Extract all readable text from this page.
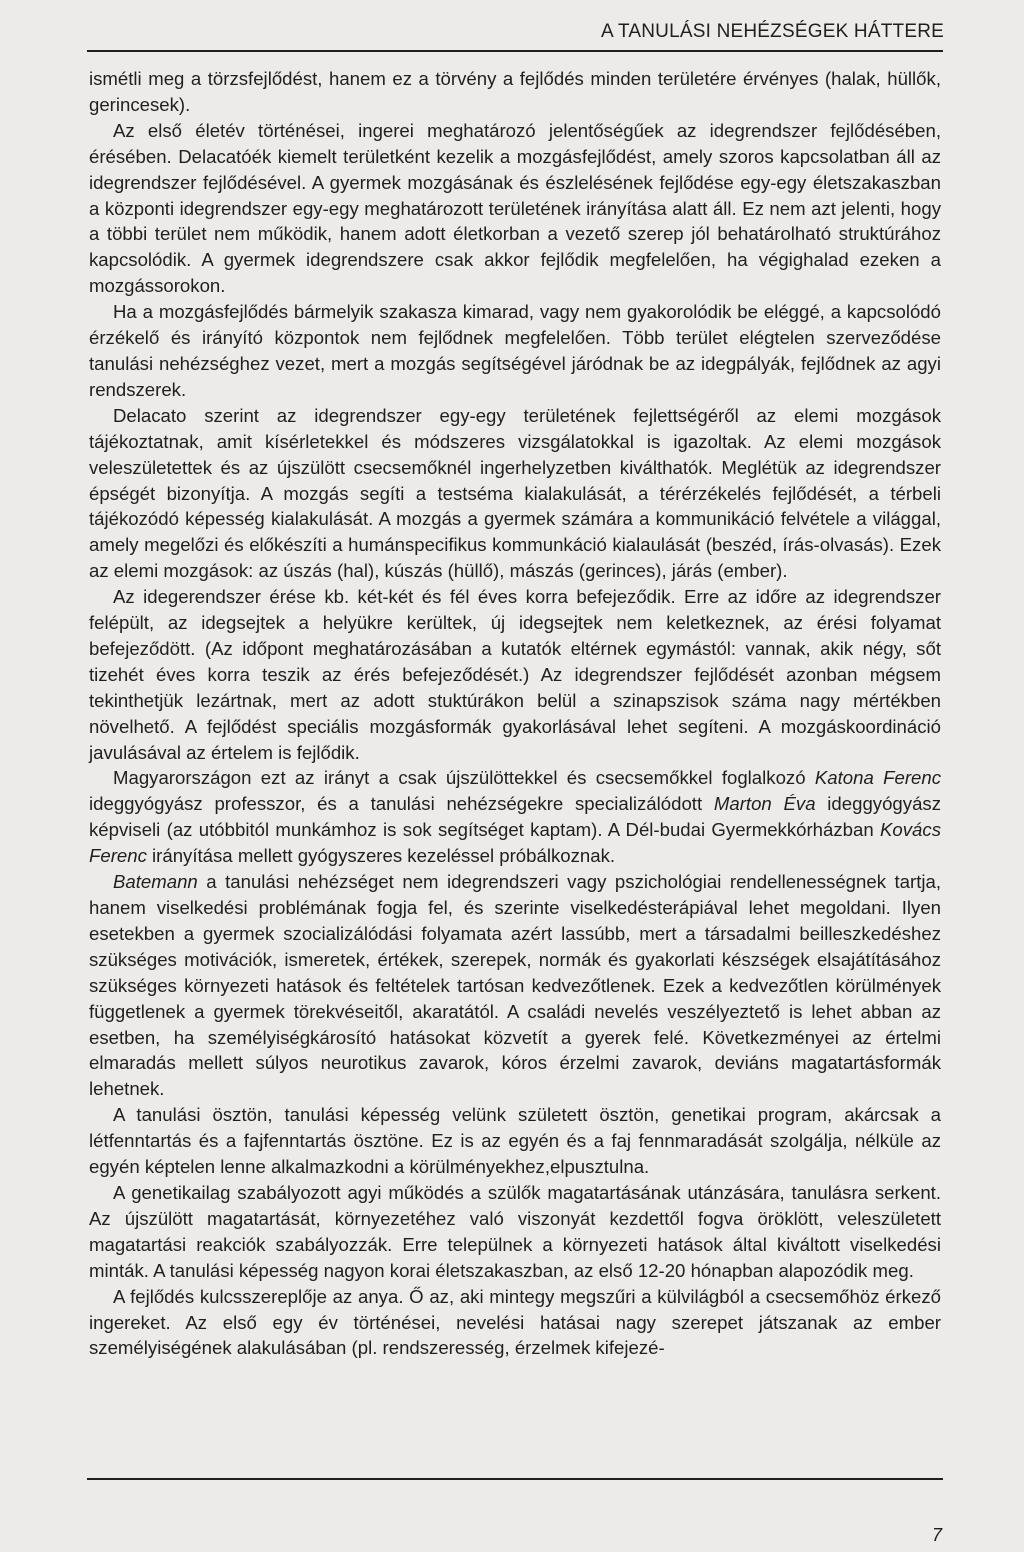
A TANULÁSI NEHÉZSÉGEK HÁTTERE

ismétli meg a törzsfejlődést, hanem ez a törvény a fejlődés minden területére érvényes (halak, hüllők, gerincesek).

Az első életév történései, ingerei meghatározó jelentőségűek az idegrendszer fejlődésében, érésében. Delacatóék kiemelt területként kezelik a mozgásfejlődést, amely szoros kapcsolatban áll az idegrendszer fejlődésével. A gyermek mozgásának és észlelésének fejlődése egy-egy életszakaszban a központi idegrendszer egy-egy meghatározott területének irányítása alatt áll. Ez nem azt jelenti, hogy a többi terület nem működik, hanem adott életkorban a vezető szerep jól behatárolható struktúrához kapcsolódik. A gyermek idegrendszere csak akkor fejlődik megfelelően, ha végighalad ezeken a mozgássorokon.

Ha a mozgásfejlődés bármelyik szakasza kimarad, vagy nem gyakorolódik be eléggé, a kapcsolódó érzékelő és irányító központok nem fejlődnek megfelelően. Több terület elégtelen szerveződése tanulási nehézséghez vezet, mert a mozgás segítségével járódnak be az idegpályák, fejlődnek az agyi rendszerek.

Delacato szerint az idegrendszer egy-egy területének fejlettségéről az elemi mozgások tájékoztatnak, amit kísérletekkel és módszeres vizsgálatokkal is igazoltak. Az elemi mozgások veleszületettek és az újszülött csecsemőknél ingerhelyzetben kiválthatók. Meglétük az idegrendszer épségét bizonyítja. A mozgás segíti a testséma kialakulását, a térérzékelés fejlődését, a térbeli tájékozódó képesség kialakulását. A mozgás a gyermek számára a kommunikáció felvétele a világgal, amely megelőzi és előkészíti a humánspecifikus kommunkáció kialaulását (beszéd, írás-olvasás). Ezek az elemi mozgások: az úszás (hal), kúszás (hüllő), mászás (gerinces), járás (ember).

Az idegerendszer érése kb. két-két és fél éves korra befejeződik. Erre az időre az idegrendszer felépült, az idegsejtek a helyükre kerültek, új idegsejtek nem keletkeznek, az érési folyamat befejeződött. (Az időpont meghatározásában a kutatók eltérnek egymástól: vannak, akik négy, sőt tizehét éves korra teszik az érés befejeződését.) Az idegrendszer fejlődését azonban mégsem tekinthetjük lezártnak, mert az adott stuktúrákon belül a szinapszisok száma nagy mértékben növelhető. A fejlődést speciális mozgásformák gyakorlásával lehet segíteni. A mozgáskoordináció javulásával az értelem is fejlődik.

Magyarországon ezt az irányt a csak újszülöttekkel és csecsemőkkel foglalkozó Katona Ferenc ideggyógyász professzor, és a tanulási nehézségekre specializálódott Marton Éva ideggyógyász képviseli (az utóbbitól munkámhoz is sok segítséget kaptam). A Dél-budai Gyermekkórházban Kovács Ferenc irányítása mellett gyógyszeres kezeléssel próbálkoznak.

Batemann a tanulási nehézséget nem idegrendszeri vagy pszichológiai rendellenességnek tartja, hanem viselkedési problémának fogja fel, és szerinte viselkedésterápiával lehet megoldani. Ilyen esetekben a gyermek szocializálódási folyamata azért lassúbb, mert a társadalmi beilleszkedéshez szükséges motivációk, ismeretek, értékek, szerepek, normák és gyakorlati készségek elsajátításához szükséges környezeti hatások és feltételek tartósan kedvezőtlenek. Ezek a kedvezőtlen körülmények függetlenek a gyermek törekvéseitől, akaratától. A családi nevelés veszélyeztető is lehet abban az esetben, ha személyiségkárosító hatásokat közvetít a gyerek felé. Következményei az értelmi elmaradás mellett súlyos neurotikus zavarok, kóros érzelmi zavarok, deviáns magatartásformák lehetnek.

A tanulási ösztön, tanulási képesség velünk született ösztön, genetikai program, akárcsak a létfenntartás és a fajfenntartás ösztöne. Ez is az egyén és a faj fennmaradását szolgálja, nélküle az egyén képtelen lenne alkalmazkodni a körülményekhez,elpusztulna.

A genetikailag szabályozott agyi működés a szülők magatartásának utánzására, tanulásra serkent. Az újszülött magatartását, környezetéhez való viszonyát kezdettől fogva öröklött, veleszületett magatartási reakciók szabályozzák. Erre települnek a környezeti hatások által kiváltott viselkedési minták. A tanulási képesség nagyon korai életszakaszban, az első 12-20 hónapban alapozódik meg.

A fejlődés kulcsszereplője az anya. Ő az, aki mintegy megszűri a külvilágból a csecsemőhöz érkező ingereket. Az első egy év történései, nevelési hatásai nagy szerepet játszanak az ember személyiségének alakulásában (pl. rendszeresség, érzelmek kifejezé-

7
